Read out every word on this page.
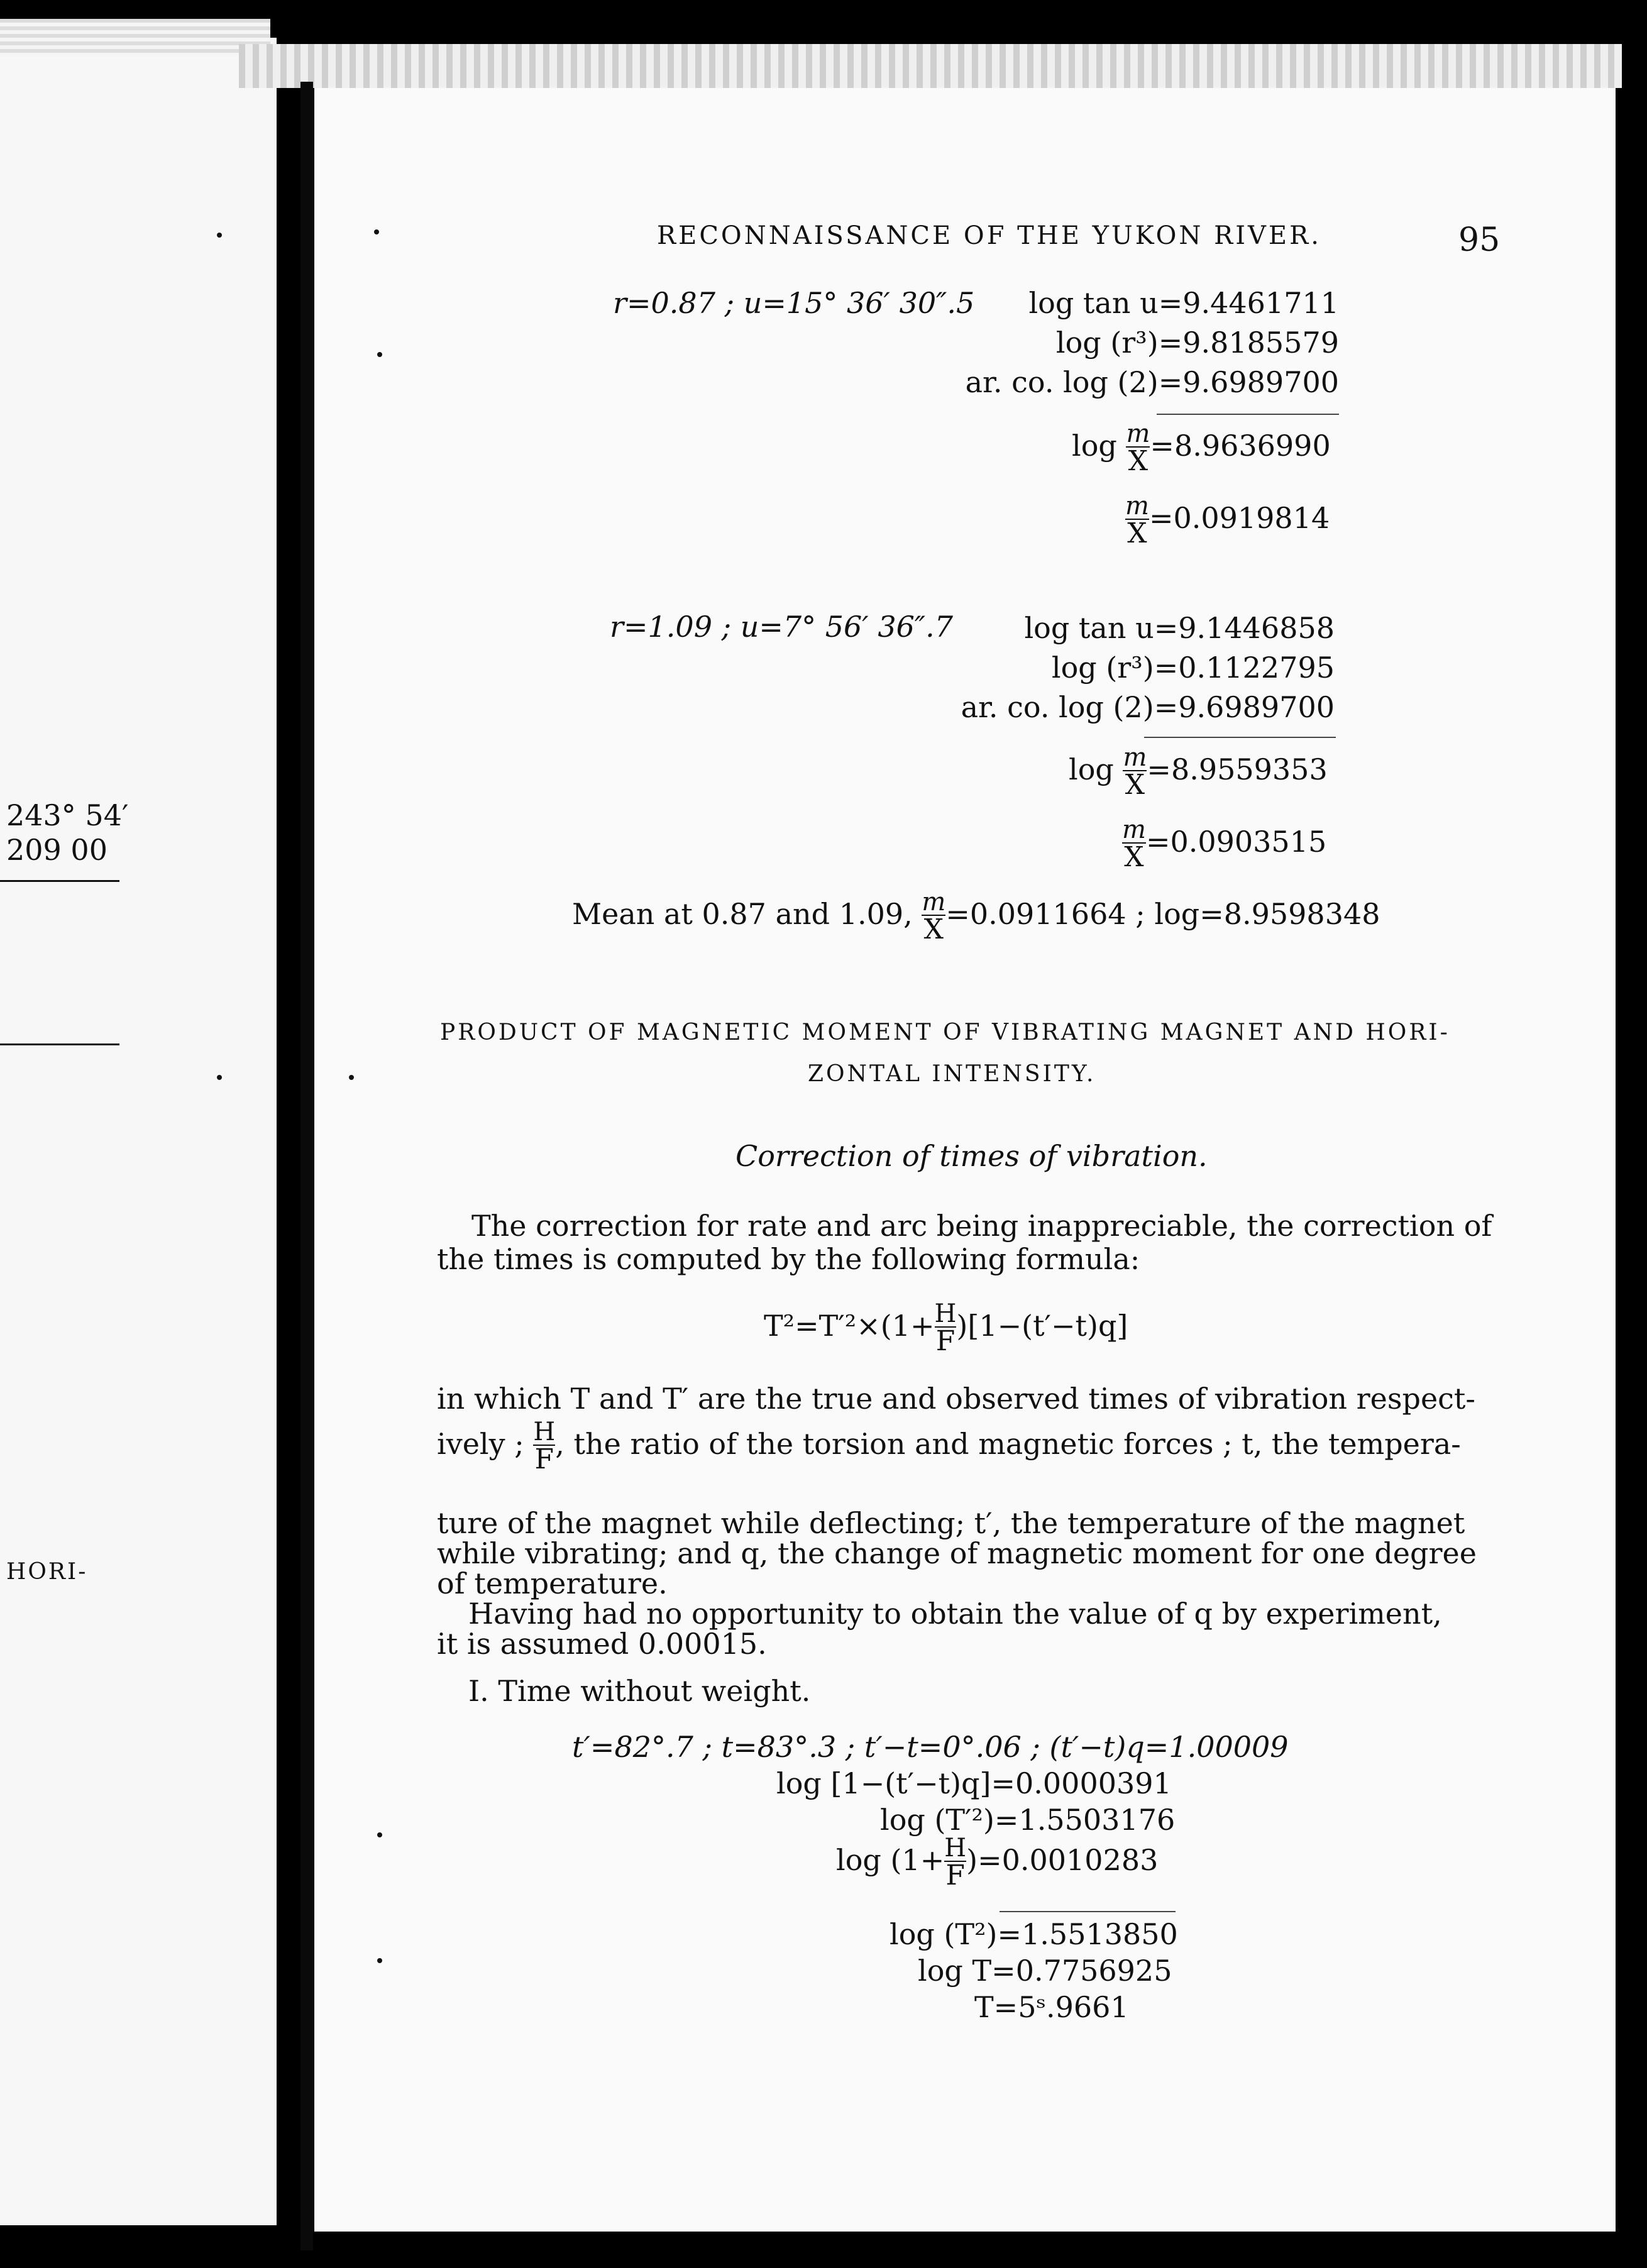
243° 54′
209 00
HORI-
RECONNAISSANCE OF THE YUKON RIVER.	95
r=0.87 ; u=15° 36′ 30″.5 log tan u=9.4461711
log (r³)=9.8185579
ar. co. log (2)=9.6989700
$\log \frac{m}{X} =8.9636990$
$\frac{m}{X} =0.0919814$
r=1.09 ; u=7° 56′ 36″.7 log tan u=9.1446858
log (r³)=0.1122795
ar. co. log (2)=9.6989700
$\log \frac{m}{X} =8.9559353$
$\frac{m}{X} =0.0903515$
Mean at 0.87 and 1.09, $\frac{m}{X} =0.0911664$ ; log=8.9598348
PRODUCT OF MAGNETIC MOMENT OF VIBRATING MAGNET AND HORI-
ZONTAL INTENSITY.
Correction of times of vibration.
The correction for rate and arc being inappreciable, the correction of
the times is computed by the following formula:
$T^2=T'^2\times(1+ \frac{H}{F} )[1-(t'-t)q]$
in which T and T′ are the true and observed times of vibration respect-
ively ; $\frac{H}{F}$ , the ratio of the torsion and magnetic forces ; t, the tempera-
ture of the magnet while deflecting; t′, the temperature of the magnet
while vibrating; and q, the change of magnetic moment for one degree
of temperature.
Having had no opportunity to obtain the value of q by experiment,
it is assumed 0.00015.
I. Time without weight.
t′=82°.7 ; t=83°.3 ; t′−t=0°.06 ; (t′−t)q=1.00009
log [1−(t′−t)q]=0.0000391
log (T′²)=1.5503176
$\log (1+ \frac{H}{F} )=0.0010283$
log (T²)=1.5513850
log T=0.7756925
T=5ˢ.9661
